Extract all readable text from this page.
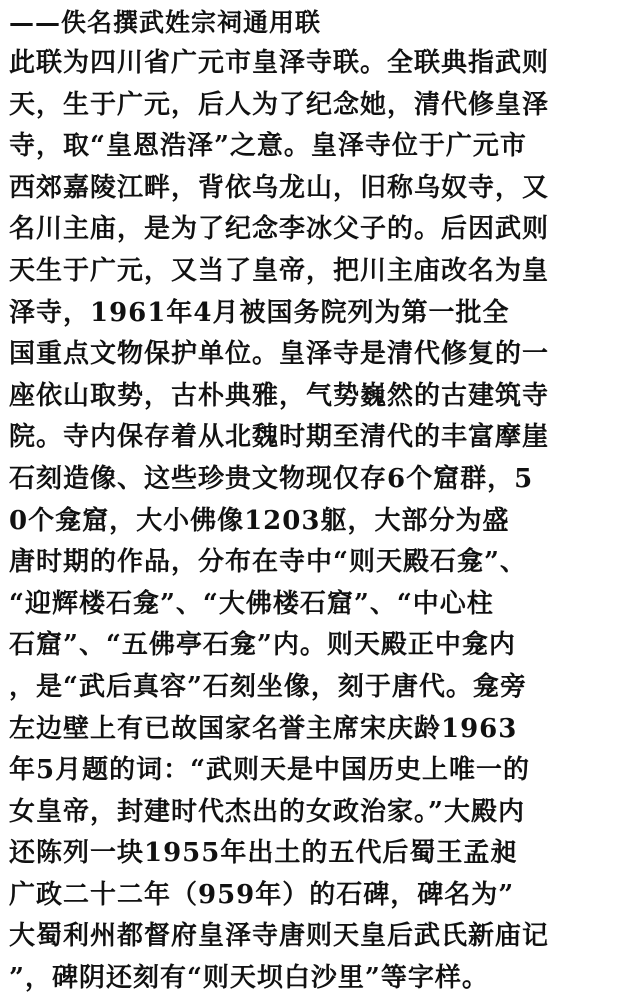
——佚名撰武姓宗祠通用联
此联为四川省广元市皇泽寺联。全联典指武则
天，生于广元，后人为了纪念她，清代修皇泽
寺，取“皇恩浩泽”之意。皇泽寺位于广元市
西郊嘉陵江畔，背依乌龙山，旧称乌奴寺，又
名川主庙，是为了纪念李冰父子的。后因武则
天生于广元，又当了皇帝，把川主庙改名为皇
泽寺，1961年4月被国务院列为第一批全
国重点文物保护单位。皇泽寺是清代修复的一
座依山取势，古朴典雅，气势巍然的古建筑寺
院。寺内保存着从北魏时期至清代的丰富摩崖
石刻造像、这些珍贵文物现仅存6个窟群，5
0个龛窟，大小佛像1203躯，大部分为盛
唐时期的作品，分布在寺中“则天殿石龛”、
“迎辉楼石龛”、“大佛楼石窟”、“中心柱
石窟”、“五佛亭石龛”内。则天殿正中龛内
，是“武后真容”石刻坐像，刻于唐代。龛旁
左边壁上有已故国家名誉主席宋庆龄1963
年5月题的词：“武则天是中国历史上唯一的
女皇帝，封建时代杰出的女政治家。”大殿内
还陈列一块1955年出土的五代后蜀王孟昶
广政二十二年（959年）的石碑，碑名为”
大蜀利州都督府皇泽寺唐则天皇后武氏新庙记
”，碑阴还刻有“则天坝白沙里”等字样。
